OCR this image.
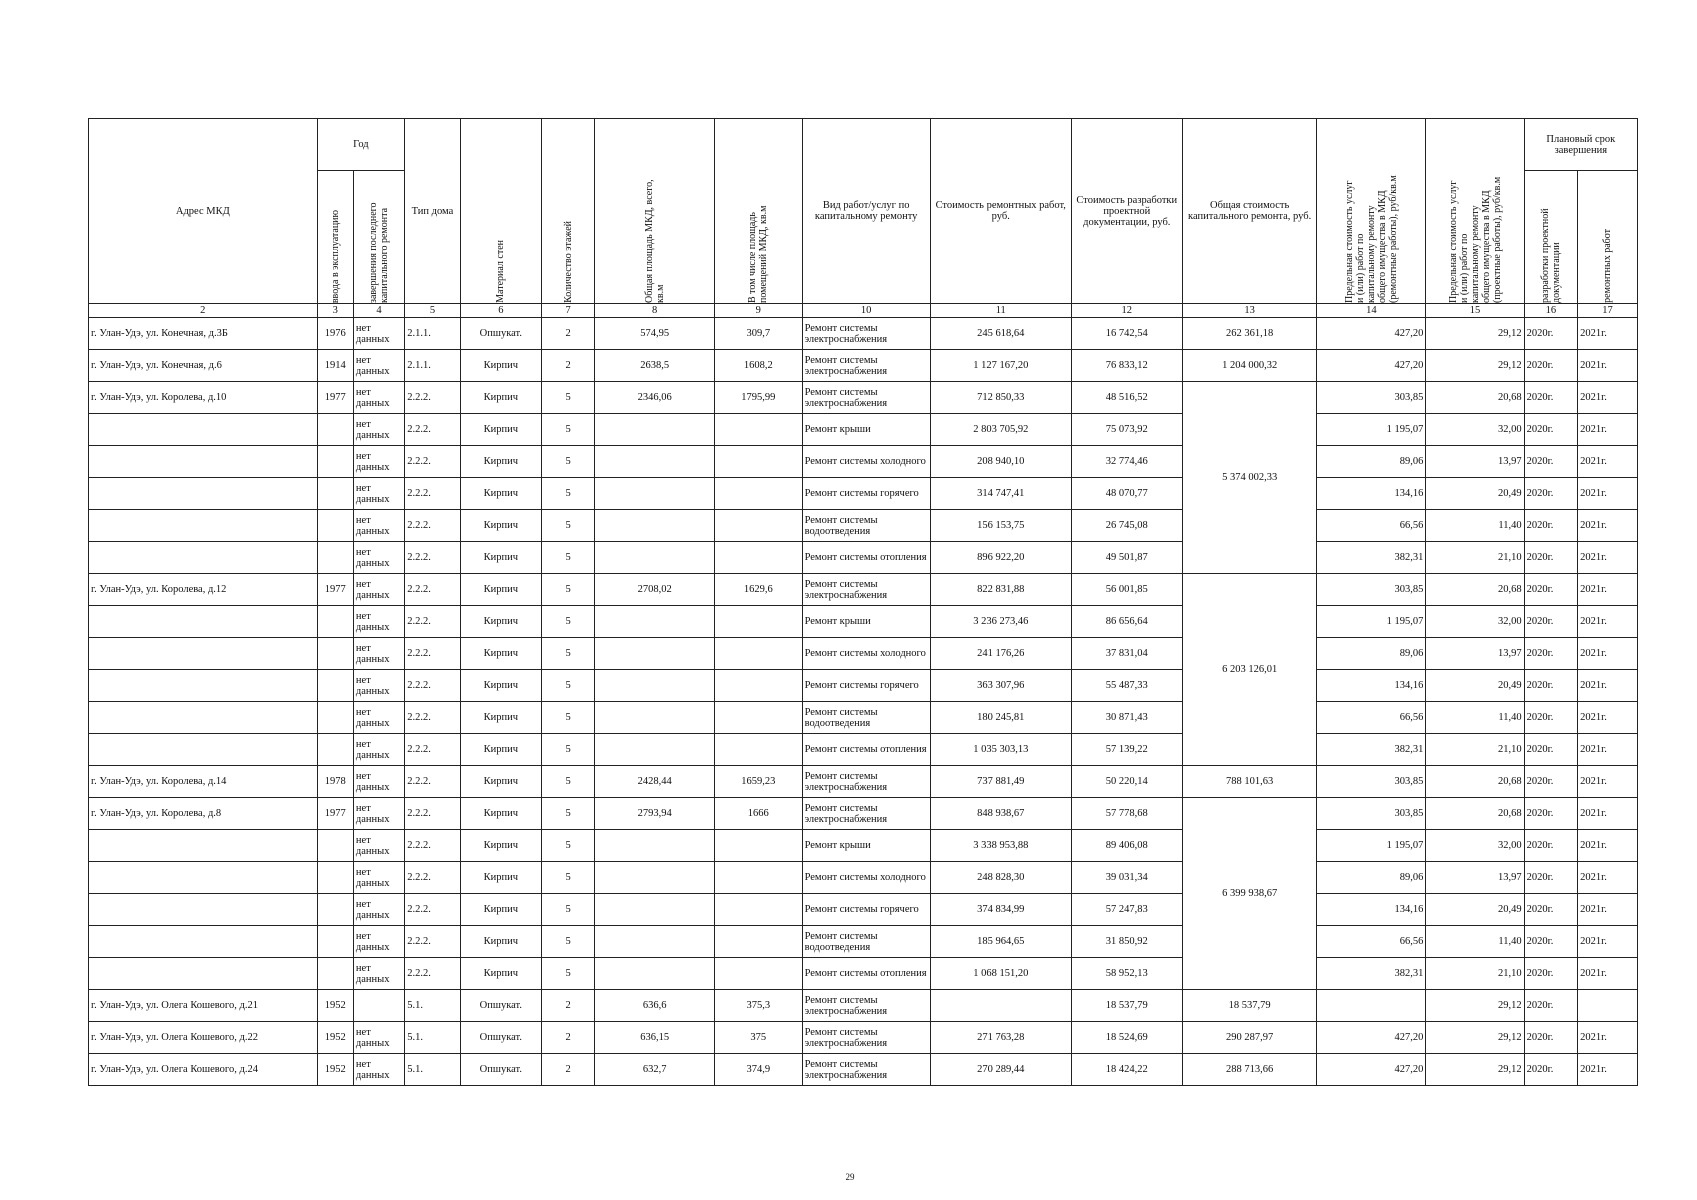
Адрес МКД	Год		Тип дома	Материал стен	Количество этажей	Общая площадь МКД, всего, кв.м	В том числе площадь помещений МКД, кв.м	Вид работ/услуг по капитальному ремонту	Стоимость ремонтных работ, руб.	Стоимость разработки проектной документации, руб.	Общая стоимость капитального ремонта, руб.	Предельная стоимость услуг и (или) работ по капитальному ремонту общего имущества в МКД (ремонтные работы), руб/кв.м	Предельная стоимость услуг и (или) работ по капитальному ремонту общего имущества в МКД (проектные работы), руб/кв.м	Плановый срок завершения	

	ввода в эксплуатацию	завершения последнего капитального ремонта												разработки проектной документации	ремонтных работ

2	3	4	5	6	7	8	9	10	11	12	13	14	15	16	17
г. Улан-Удэ, ул. Конечная, д.3Б	1976	нет данных	2.1.1.	Опшукат.	2	574,95	309,7	Ремонт системы электроснабжения	245 618,64	16 742,54	262 361,18	427,20	29,12	2020г.	2021г.
г. Улан-Удэ, ул. Конечная, д.6	1914	нет данных	2.1.1.	Кирпич	2	2638,5	1608,2	Ремонт системы электроснабжения	1 127 167,20	76 833,12	1 204 000,32	427,20	29,12	2020г.	2021г.
г. Улан-Удэ, ул. Королева, д.10	1977	нет данных	2.2.2.	Кирпич	5	2346,06	1795,99	Ремонт системы электроснабжения	712 850,33	48 516,52	5 374 002,33	303,85	20,68	2020г.	2021г.
		нет данных	2.2.2.	Кирпич	5			Ремонт крыши	2 803 705,92	75 073,92		1 195,07	32,00	2020г.	2021г.
		нет данных	2.2.2.	Кирпич	5			Ремонт системы холодного	208 940,10	32 774,46		89,06	13,97	2020г.	2021г.
		нет данных	2.2.2.	Кирпич	5			Ремонт системы горячего	314 747,41	48 070,77		134,16	20,49	2020г.	2021г.
		нет данных	2.2.2.	Кирпич	5			Ремонт системы водоотведения	156 153,75	26 745,08		66,56	11,40	2020г.	2021г.
		нет данных	2.2.2.	Кирпич	5			Ремонт системы отопления	896 922,20	49 501,87		382,31	21,10	2020г.	2021г.
г. Улан-Удэ, ул. Королева, д.12	1977	нет данных	2.2.2.	Кирпич	5	2708,02	1629,6	Ремонт системы электроснабжения	822 831,88	56 001,85	6 203 126,01	303,85	20,68	2020г.	2021г.
		нет данных	2.2.2.	Кирпич	5			Ремонт крыши	3 236 273,46	86 656,64		1 195,07	32,00	2020г.	2021г.
		нет данных	2.2.2.	Кирпич	5			Ремонт системы холодного	241 176,26	37 831,04		89,06	13,97	2020г.	2021г.
		нет данных	2.2.2.	Кирпич	5			Ремонт системы горячего	363 307,96	55 487,33		134,16	20,49	2020г.	2021г.
		нет данных	2.2.2.	Кирпич	5			Ремонт системы водоотведения	180 245,81	30 871,43		66,56	11,40	2020г.	2021г.
		нет данных	2.2.2.	Кирпич	5			Ремонт системы отопления	1 035 303,13	57 139,22		382,31	21,10	2020г.	2021г.
г. Улан-Удэ, ул. Королева, д.14	1978	нет данных	2.2.2.	Кирпич	5	2428,44	1659,23	Ремонт системы электроснабжения	737 881,49	50 220,14	788 101,63	303,85	20,68	2020г.	2021г.
г. Улан-Удэ, ул. Королева, д.8	1977	нет данных	2.2.2.	Кирпич	5	2793,94	1666	Ремонт системы электроснабжения	848 938,67	57 778,68	6 399 938,67	303,85	20,68	2020г.	2021г.
		нет данных	2.2.2.	Кирпич	5			Ремонт крыши	3 338 953,88	89 406,08		1 195,07	32,00	2020г.	2021г.
		нет данных	2.2.2.	Кирпич	5			Ремонт системы холодного	248 828,30	39 031,34		89,06	13,97	2020г.	2021г.
		нет данных	2.2.2.	Кирпич	5			Ремонт системы горячего	374 834,99	57 247,83		134,16	20,49	2020г.	2021г.
		нет данных	2.2.2.	Кирпич	5			Ремонт системы водоотведения	185 964,65	31 850,92		66,56	11,40	2020г.	2021г.
		нет данных	2.2.2.	Кирпич	5			Ремонт системы отопления	1 068 151,20	58 952,13		382,31	21,10	2020г.	2021г.
г. Улан-Удэ, ул. Олега Кошевого, д.21	1952		5.1.	Опшукат.	2	636,6	375,3	Ремонт системы электроснабжения		18 537,79	18 537,79		29,12	2020г.	
г. Улан-Удэ, ул. Олега Кошевого, д.22	1952	нет данных	5.1.	Опшукат.	2	636,15	375	Ремонт системы электроснабжения	271 763,28	18 524,69	290 287,97	427,20	29,12	2020г.	2021г.
г. Улан-Удэ, ул. Олега Кошевого, д.24	1952	нет данных	5.1.	Опшукат.	2	632,7	374,9	Ремонт системы электроснабжения	270 289,44	18 424,22	288 713,66	427,20	29,12	2020г.	2021г.
29
